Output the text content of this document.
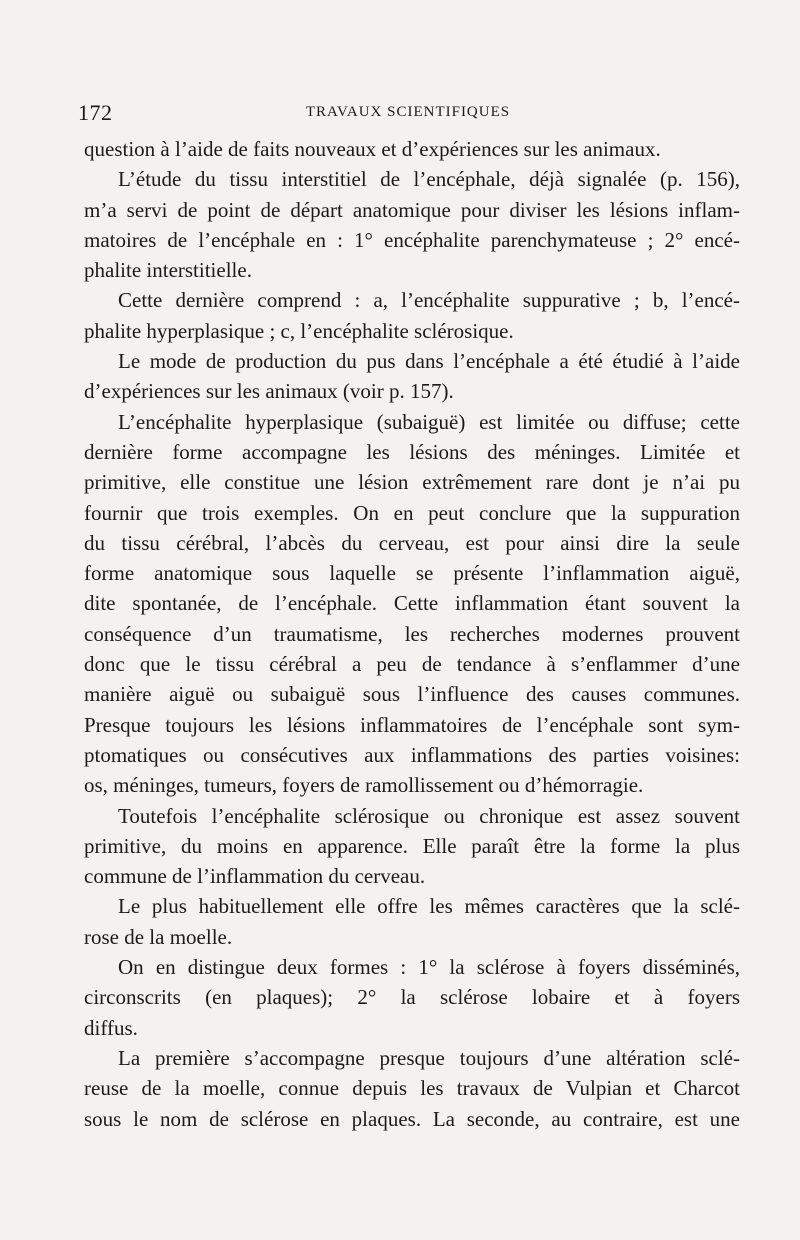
172	TRAVAUX SCIENTIFIQUES
question à l’aide de faits nouveaux et d’expériences sur les animaux.
L’étude du tissu interstitiel de l’encéphale, déjà signalée (p. 156),
m’a servi de point de départ anatomique pour diviser les lésions inflam-
matoires de l’encéphale en : 1° encéphalite parenchymateuse ; 2° encé-
phalite interstitielle.
Cette dernière comprend : a, l’encéphalite suppurative ; b, l’encé-
phalite hyperplasique ; c, l’encéphalite sclérosique.
Le mode de production du pus dans l’encéphale a été étudié à l’aide
d’expériences sur les animaux (voir p. 157).
L’encéphalite hyperplasique (subaiguë) est limitée ou diffuse; cette
dernière forme accompagne les lésions des méninges. Limitée et
primitive, elle constitue une lésion extrêmement rare dont je n’ai pu
fournir que trois exemples. On en peut conclure que la suppuration
du tissu cérébral, l’abcès du cerveau, est pour ainsi dire la seule
forme anatomique sous laquelle se présente l’inflammation aiguë,
dite spontanée, de l’encéphale. Cette inflammation étant souvent la
conséquence d’un traumatisme, les recherches modernes prouvent
donc que le tissu cérébral a peu de tendance à s’enflammer d’une
manière aiguë ou subaiguë sous l’influence des causes communes.
Presque toujours les lésions inflammatoires de l’encéphale sont sym-
ptomatiques ou consécutives aux inflammations des parties voisines:
os, méninges, tumeurs, foyers de ramollissement ou d’hémorragie.
Toutefois l’encéphalite sclérosique ou chronique est assez souvent
primitive, du moins en apparence. Elle paraît être la forme la plus
commune de l’inflammation du cerveau.
Le plus habituellement elle offre les mêmes caractères que la sclé-
rose de la moelle.
On en distingue deux formes : 1° la sclérose à foyers disséminés,
circonscrits (en plaques); 2° la sclérose lobaire et à foyers
diffus.
La première s’accompagne presque toujours d’une altération sclé-
reuse de la moelle, connue depuis les travaux de Vulpian et Charcot
sous le nom de sclérose en plaques. La seconde, au contraire, est une
